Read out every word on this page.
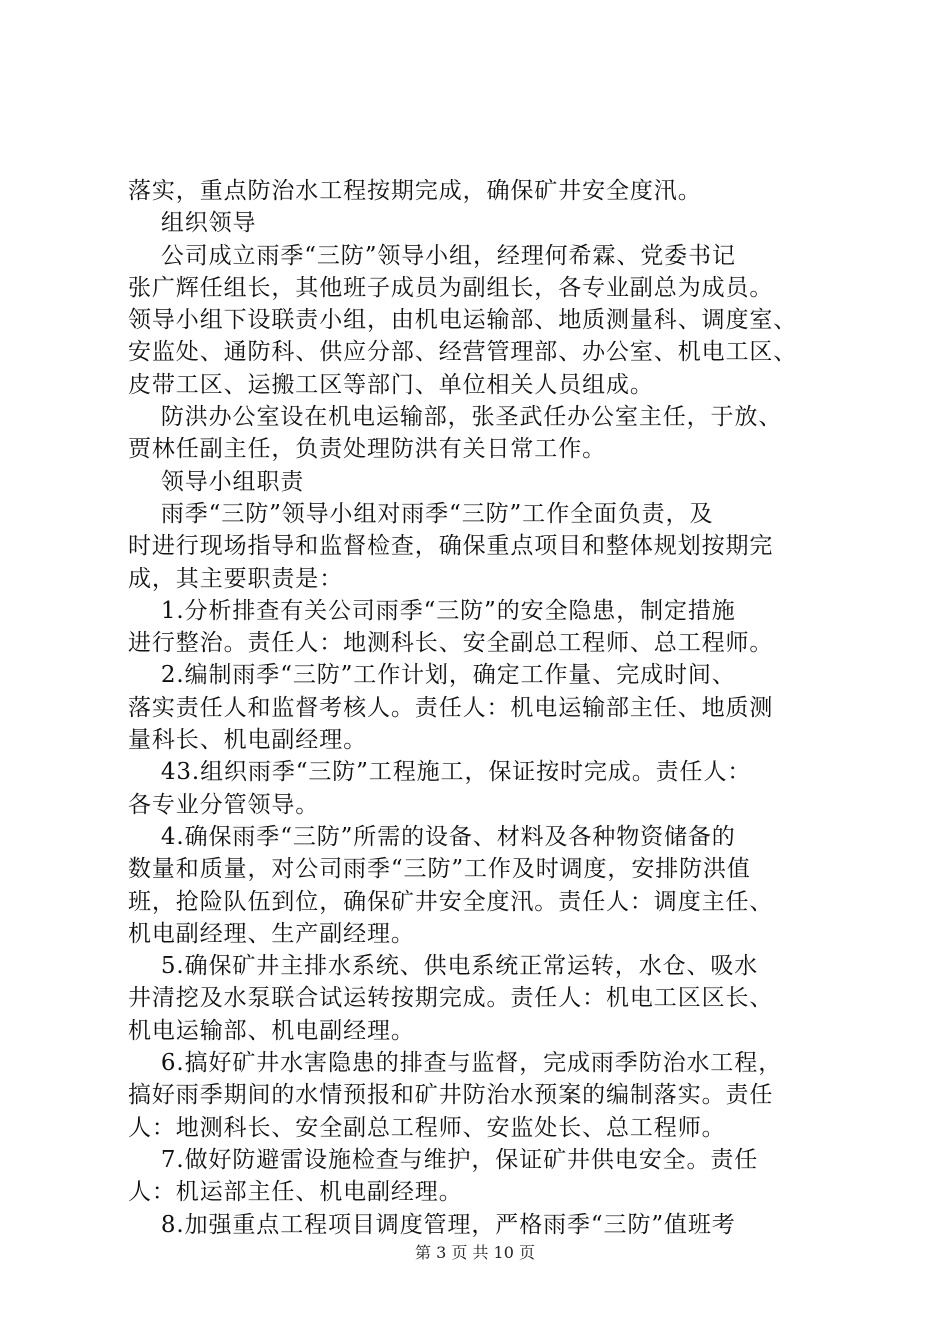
落实，重点防治水工程按期完成，确保矿井安全度汛。
组织领导
公司成立雨季“三防”领导小组，经理何希霖、党委书记
张广辉任组长，其他班子成员为副组长，各专业副总为成员。
领导小组下设联责小组，由机电运输部、地质测量科、调度室、
安监处、通防科、供应分部、经营管理部、办公室、机电工区、
皮带工区、运搬工区等部门、单位相关人员组成。
防洪办公室设在机电运输部，张圣武任办公室主任，于放、
贾林任副主任，负责处理防洪有关日常工作。
领导小组职责
雨季“三防”领导小组对雨季“三防”工作全面负责，及
时进行现场指导和监督检查，确保重点项目和整体规划按期完
成，其主要职责是：
1.分析排查有关公司雨季“三防”的安全隐患，制定措施
进行整治。责任人：地测科长、安全副总工程师、总工程师。
2.编制雨季“三防”工作计划，确定工作量、完成时间、
落实责任人和监督考核人。责任人：机电运输部主任、地质测
量科长、机电副经理。
43.组织雨季“三防”工程施工，保证按时完成。责任人：
各专业分管领导。
4.确保雨季“三防”所需的设备、材料及各种物资储备的
数量和质量，对公司雨季“三防”工作及时调度，安排防洪值
班，抢险队伍到位，确保矿井安全度汛。责任人：调度主任、
机电副经理、生产副经理。
5.确保矿井主排水系统、供电系统正常运转，水仓、吸水
井清挖及水泵联合试运转按期完成。责任人：机电工区区长、
机电运输部、机电副经理。
6.搞好矿井水害隐患的排查与监督，完成雨季防治水工程，
搞好雨季期间的水情预报和矿井防治水预案的编制落实。责任
人：地测科长、安全副总工程师、安监处长、总工程师。
7.做好防避雷设施检查与维护，保证矿井供电安全。责任
人：机运部主任、机电副经理。
8.加强重点工程项目调度管理，严格雨季“三防”值班考
第 3 页 共 10 页
